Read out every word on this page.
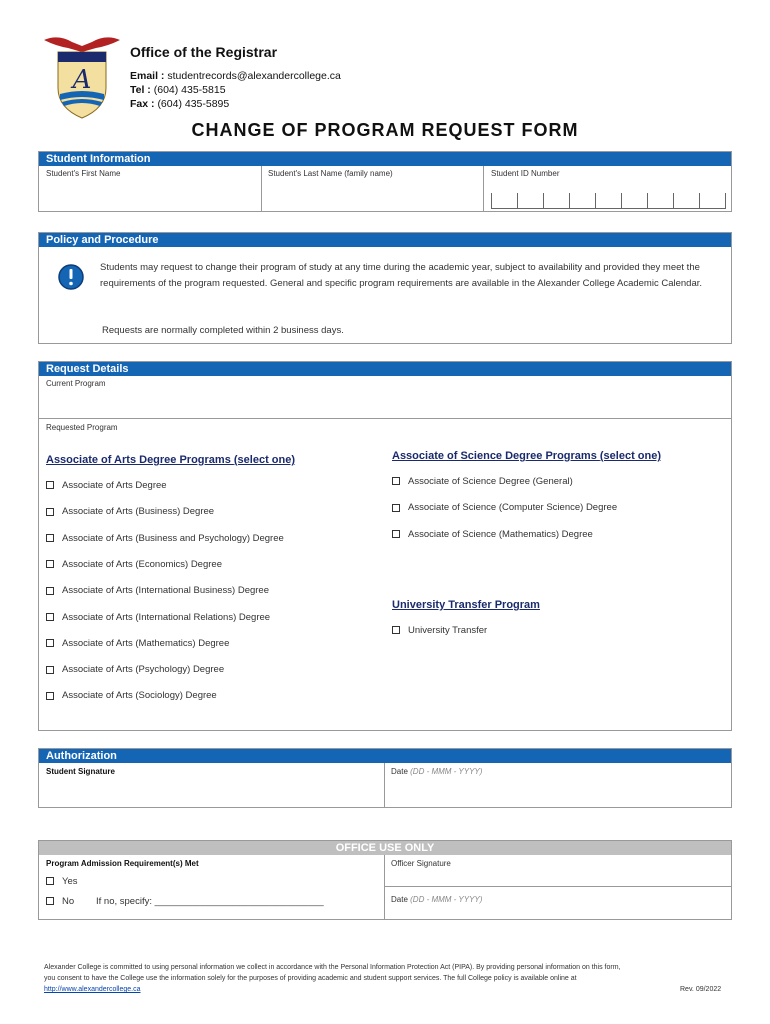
A
Office of the Registrar
Email : studentrecords@alexandercollege.ca
Tel : (604) 435-5815
Fax : (604) 435-5895
CHANGE OF PROGRAM REQUEST FORM
Student Information
Student's First Name	Student's Last Name (family name)	Student ID Number
Policy and Procedure
Students may request to change their program of study at any time during the academic year, subject to availability and provided they meet the requirements of the program requested. General and specific program requirements are available in the Alexander College Academic Calendar.
Requests are normally completed within 2 business days.
Request Details
Current Program
Requested Program
Associate of Arts Degree Programs (select one)
Associate of Arts Degree
Associate of Arts (Business) Degree
Associate of Arts (Business and Psychology) Degree
Associate of Arts (Economics) Degree
Associate of Arts (International Business) Degree
Associate of Arts (International Relations) Degree
Associate of Arts (Mathematics) Degree
Associate of Arts (Psychology) Degree
Associate of Arts (Sociology) Degree
Associate of Science Degree Programs (select one)
Associate of Science Degree (General)
Associate of Science (Computer Science) Degree
Associate of Science (Mathematics) Degree
University Transfer Program
University Transfer
Authorization
Student Signature	Date (DD - MMM - YYYY)
OFFICE USE ONLY
Program Admission Requirement(s) Met
Yes
No If no, specify: ________________________________
Officer Signature
Date (DD - MMM - YYYY)
Alexander College is committed to using personal information we collect in accordance with the Personal Information Protection Act (PIPA). By providing personal information on this form,
you consent to have the College use the information solely for the purposes of providing academic and student support services. The full College policy is available online at
http://www.alexandercollege.ca	Rev. 09/2022
